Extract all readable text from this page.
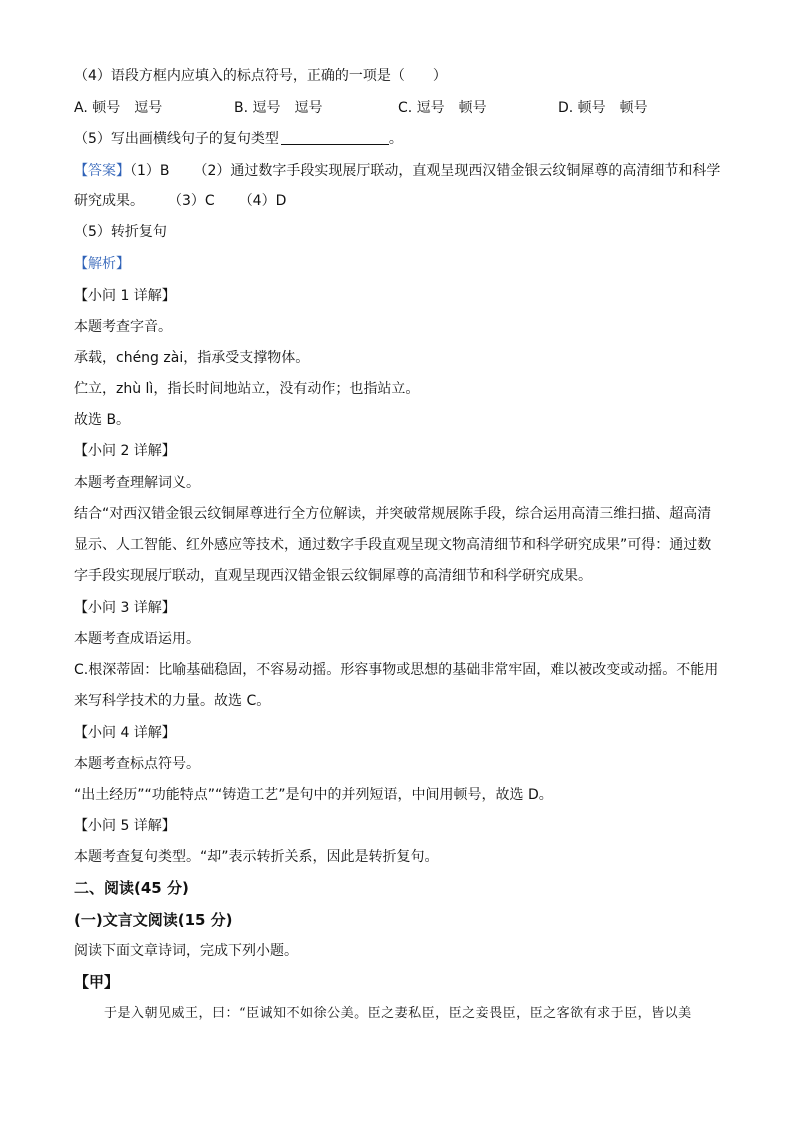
（4）语段方框内应填入的标点符号，正确的一项是（　　）
A. 顿号　逗号	B. 逗号　逗号	C. 逗号　顿号	D. 顿号　顿号
（5）写出画横线句子的复句类型	。
【答案】（1）B （2）通过数字手段实现展厅联动，直观呈现西汉错金银云纹铜犀尊的高清细节和科学
研究成果。 （3）C （4）D
（5）转折复句
【解析】
【小问 1 详解】
本题考查字音。
承载，chéng zài，指承受支撑物体。
伫立，zhù lì，指长时间地站立，没有动作；也指站立。
故选 B。
【小问 2 详解】
本题考查理解词义。
结合“对西汉错金银云纹铜犀尊进行全方位解读，并突破常规展陈手段，综合运用高清三维扫描、超高清
显示、人工智能、红外感应等技术，通过数字手段直观呈现文物高清细节和科学研究成果”可得：通过数
字手段实现展厅联动，直观呈现西汉错金银云纹铜犀尊的高清细节和科学研究成果。
【小问 3 详解】
本题考查成语运用。
C.根深蒂固：比喻基础稳固，不容易动摇。形容事物或思想的基础非常牢固，难以被改变或动摇。不能用
来写科学技术的力量。故选 C。
【小问 4 详解】
本题考查标点符号。
“出土经历”“功能特点”“铸造工艺”是句中的并列短语，中间用顿号，故选 D。
【小问 5 详解】
本题考查复句类型。“却”表示转折关系，因此是转折复句。
二、阅读(45 分)
(一)文言文阅读(15 分)
阅读下面文章诗词，完成下列小题。
【甲】
于是入朝见威王，曰：“臣诚知不如徐公美。臣之妻私臣，臣之妾畏臣，臣之客欲有求于臣，皆以美
